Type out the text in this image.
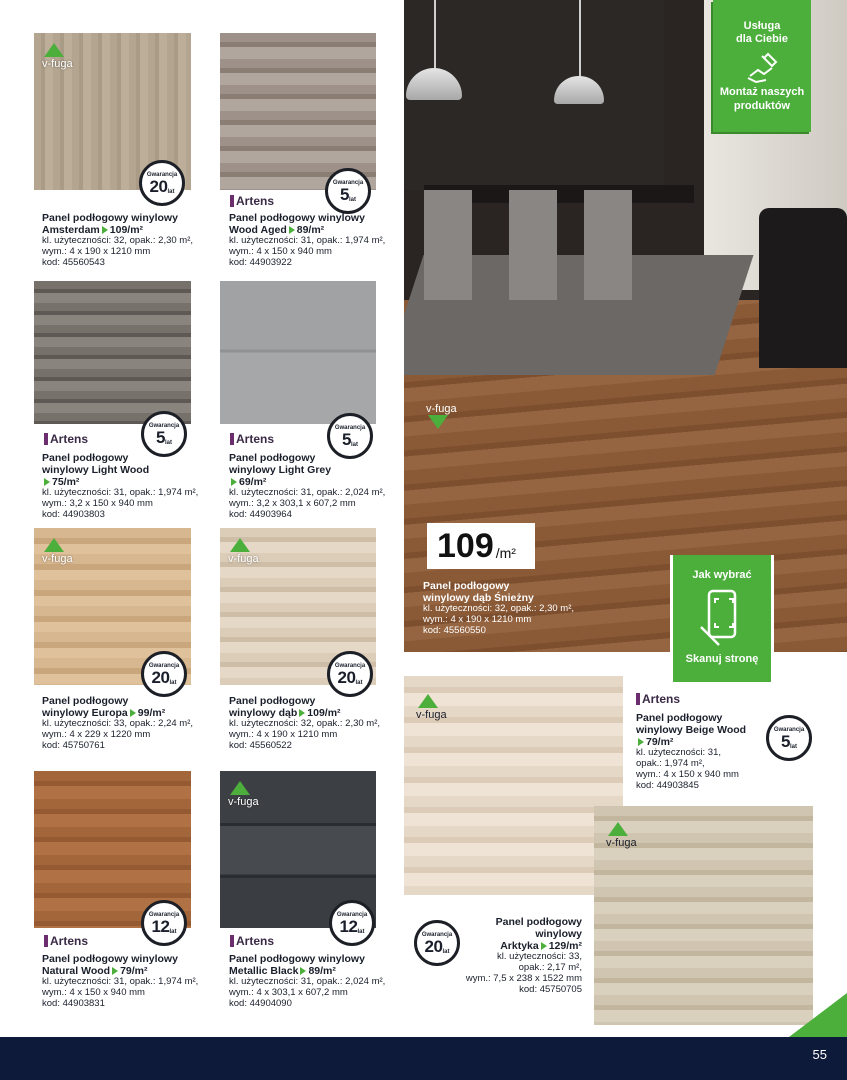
v-fuga
Gwarancja
20 lat
Panel podłogowy winylowy
Amsterdam 109/m²
kl. użyteczności: 32, opak.: 2,30 m²,
wym.: 4 x 190 x 1210 mm
kod: 45560543
Gwarancja
5 lat
Artens
Panel podłogowy winylowy
Wood Aged 89/m²
kl. użyteczności: 31, opak.: 1,974 m²,
wym.: 4 x 150 x 940 mm
kod: 44903922
Gwarancja
5 lat
Artens
Panel podłogowy
winylowy Light Wood
75/m²
kl. użyteczności: 31, opak.: 1,974 m²,
wym.: 3,2 x 150 x 940 mm
kod: 44903803
Gwarancja
5 lat
Artens
Panel podłogowy
winylowy Light Grey
69/m²
kl. użyteczności: 31, opak.: 2,024 m²,
wym.: 3,2 x 303,1 x 607,2 mm
kod: 44903964
v-fuga
Gwarancja
20 lat
Panel podłogowy
winylowy Europa 99/m²
kl. użyteczności: 33, opak.: 2,24 m²,
wym.: 4 x 229 x 1220 mm
kod: 45750761
v-fuga
Gwarancja
20 lat
Panel podłogowy
winylowy dąb 109/m²
kl. użyteczności: 32, opak.: 2,30 m²,
wym.: 4 x 190 x 1210 mm
kod: 45560522
Gwarancja
12 lat
Artens
Panel podłogowy winylowy
Natural Wood 79/m²
kl. użyteczności: 31, opak.: 1,974 m²,
wym.: 4 x 150 x 940 mm
kod: 44903831
v-fuga
Gwarancja
12 lat
Artens
Panel podłogowy winylowy
Metallic Black 89/m²
kl. użyteczności: 31, opak.: 2,024 m²,
wym.: 4 x 303,1 x 607,2 mm
kod: 44904090
v-fuga
109 /m²
Panel podłogowy
winylowy dąb Śnieżny
kl. użyteczności: 32, opak.: 2,30 m²,
wym.: 4 x 190 x 1210 mm
kod: 45560550
Usługa
dla Ciebie
Montaż naszych
produktów
Jak wybrać
Skanuj stronę
v-fuga
v-fuga
Artens
Panel podłogowy
winylowy Beige Wood
79/m²
kl. użyteczności: 31,
opak.: 1,974 m²,
wym.: 4 x 150 x 940 mm
kod: 44903845
Gwarancja
5 lat
Gwarancja
20 lat
Panel podłogowy
winylowy
Arktyka 129/m²
kl. użyteczności: 33,
opak.: 2,17 m²,
wym.: 7,5 x 238 x 1522 mm
kod: 45750705
55
